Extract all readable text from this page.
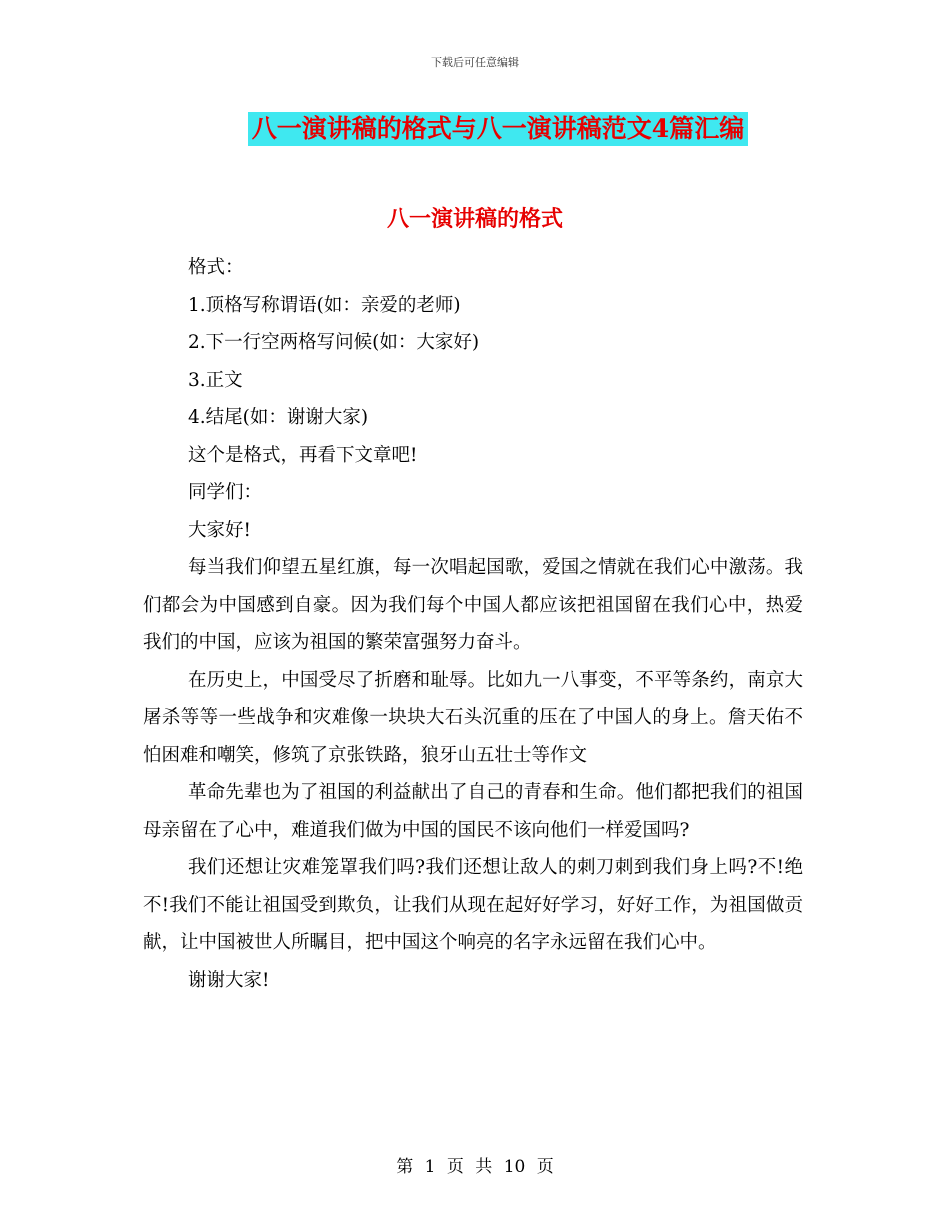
下载后可任意编辑
八一演讲稿的格式与八一演讲稿范文4篇汇编
八一演讲稿的格式
格式：
1.顶格写称谓语(如：亲爱的老师)
2.下一行空两格写问候(如：大家好)
3.正文
4.结尾(如：谢谢大家)
这个是格式，再看下文章吧!
同学们：
大家好!

每当我们仰望五星红旗，每一次唱起国歌，爱国之情就在我们心中激荡。我们都会为中国感到自豪。因为我们每个中国人都应该把祖国留在我们心中，热爱我们的中国，应该为祖国的繁荣富强努力奋斗。

在历史上，中国受尽了折磨和耻辱。比如九一八事变，不平等条约，南京大屠杀等等一些战争和灾难像一块块大石头沉重的压在了中国人的身上。詹天佑不怕困难和嘲笑，修筑了京张铁路，狼牙山五壮士等作文

革命先辈也为了祖国的利益献出了自己的青春和生命。他们都把我们的祖国母亲留在了心中，难道我们做为中国的国民不该向他们一样爱国吗?

我们还想让灾难笼罩我们吗?我们还想让敌人的刺刀刺到我们身上吗?不!绝不!我们不能让祖国受到欺负，让我们从现在起好好学习，好好工作，为祖国做贡献，让中国被世人所瞩目，把中国这个响亮的名字永远留在我们心中。

谢谢大家!
第 1 页 共 10 页
